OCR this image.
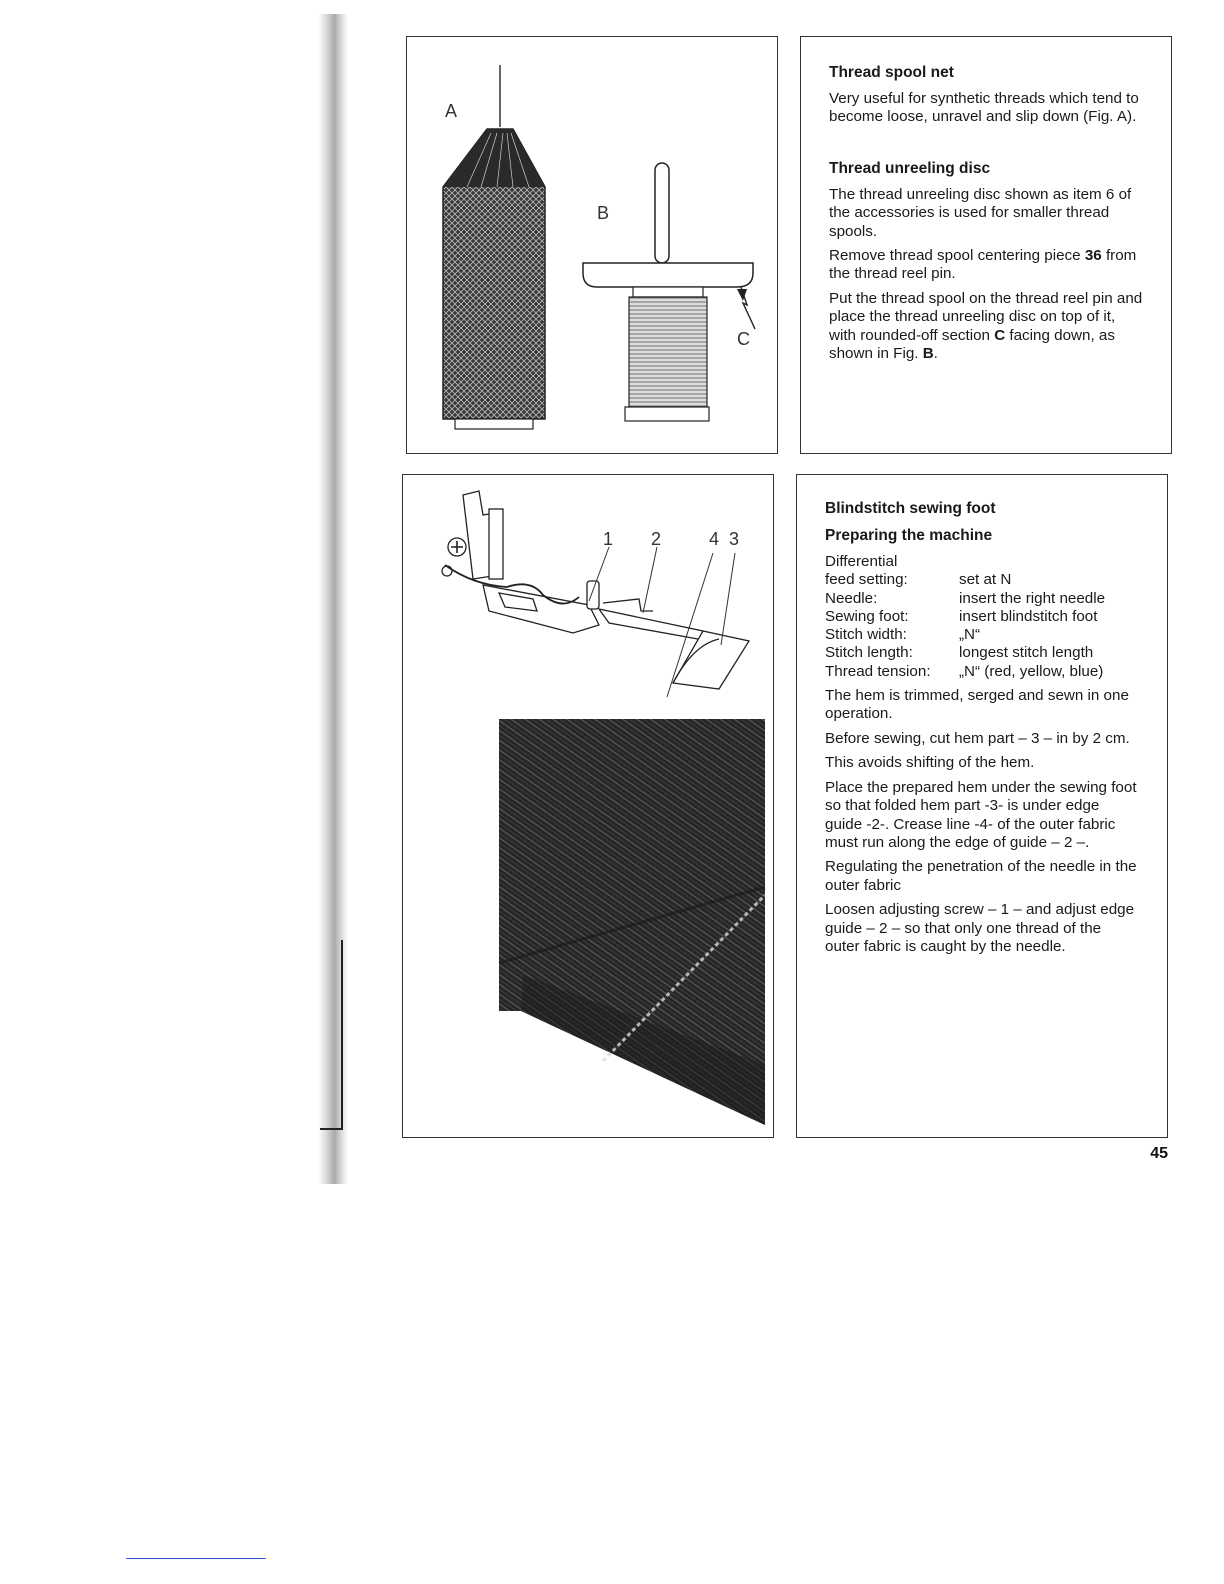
A
B
C
Thread spool net

Very useful for synthetic threads which tend to become loose, unravel and slip down (Fig. A).

Thread unreeling disc

The thread unreeling disc shown as item 6 of the accessories is used for smaller thread spools.

Remove thread spool centering piece 36 from the thread reel pin.

Put the thread spool on the thread reel pin and place the thread unreeling disc on top of it, with rounded-off section C facing down, as shown in Fig. B.

1 2	4 3
Blindstitch sewing foot
Preparing the machine
Differential
feed setting:	set at N
Needle:	insert the right needle
Sewing foot:	insert blindstitch foot
Stitch width:	„N“
Stitch length:	longest stitch length
Thread tension:	„N“ (red, yellow, blue)

The hem is trimmed, serged and sewn in one operation.

Before sewing, cut hem part – 3 – in by 2 cm.

This avoids shifting of the hem.

Place the prepared hem under the sewing foot so that folded hem part -3- is under edge guide -2-. Crease line -4- of the outer fabric must run along the edge of guide – 2 –.

Regulating the penetration of the needle in the outer fabric

Loosen adjusting screw – 1 – and adjust edge guide – 2 – so that only one thread of the outer fabric is caught by the needle.

45
